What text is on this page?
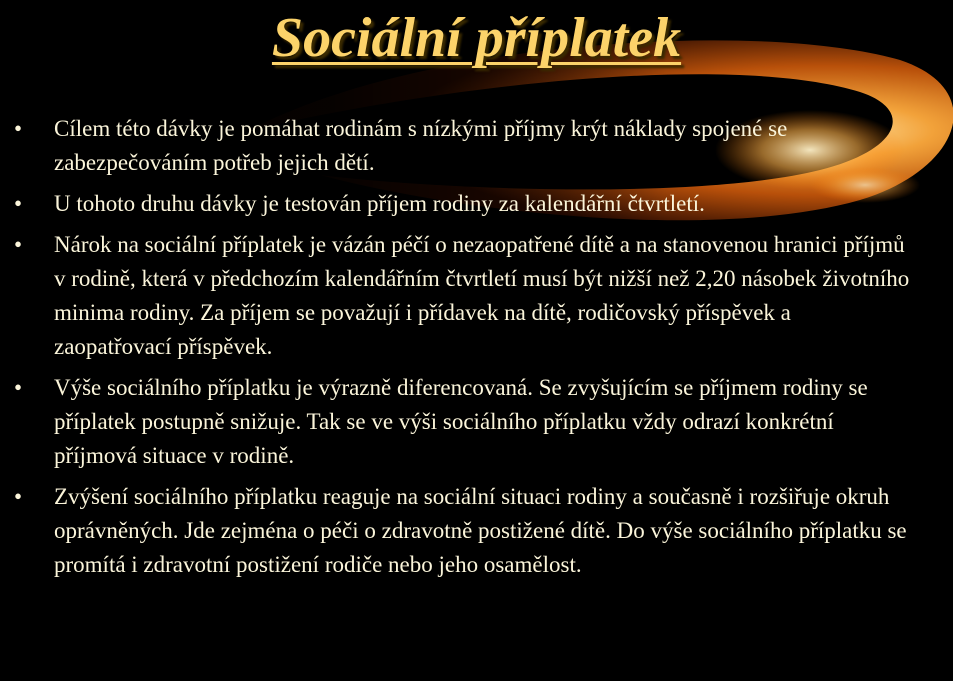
Sociální příplatek
•	Cílem této dávky je pomáhat rodinám s nízkými příjmy krýt náklady spojené se zabezpečováním potřeb jejich dětí.
•	U tohoto druhu dávky je testován příjem rodiny za kalendářní čtvrtletí.
•	Nárok na sociální příplatek je vázán péčí o nezaopatřené dítě a na stanovenou hranici příjmů v rodině, která v předchozím kalendářním čtvrtletí musí být nižší než 2,20 násobek životního minima rodiny. Za příjem se považují i přídavek na dítě, rodičovský příspěvek a zaopatřovací příspěvek.
•	Výše sociálního příplatku je výrazně diferencovaná. Se zvyšujícím se příjmem rodiny se příplatek postupně snižuje. Tak se ve výši sociálního příplatku vždy odrazí konkrétní příjmová situace v rodině.
•	Zvýšení sociálního příplatku reaguje na sociální situaci rodiny a současně i rozšiřuje okruh oprávněných. Jde zejména o péči o zdravotně postižené dítě. Do výše sociálního příplatku se promítá i zdravotní postižení rodiče nebo jeho osamělost.
